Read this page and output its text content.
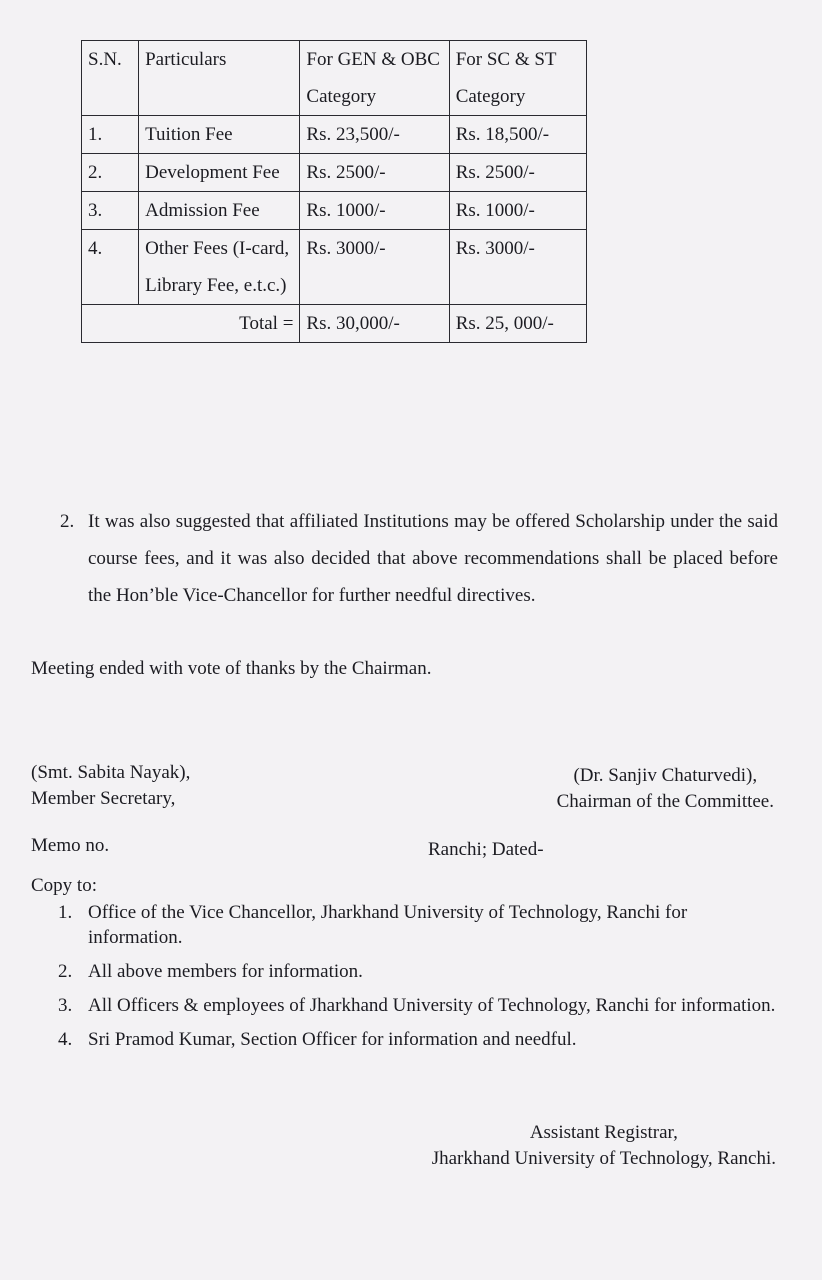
S.N.	Particulars	For GEN & OBC Category	For SC & ST Category
1.	Tuition Fee	Rs. 23,500/-	Rs. 18,500/-
2.	Development Fee	Rs. 2500/-	Rs. 2500/-
3.	Admission Fee	Rs. 1000/-	Rs. 1000/-
4.	Other Fees (I-card, Library Fee, e.t.c.)	Rs. 3000/-	Rs. 3000/-
Total =		Rs. 30,000/-	Rs. 25, 000/-
2. It was also suggested that affiliated Institutions may be offered Scholarship under the said course fees, and it was also decided that above recommendations shall be placed before the Hon’ble Vice-Chancellor for further needful directives.
Meeting ended with vote of thanks by the Chairman.
(Smt. Sabita Nayak),
Member Secretary,
(Dr. Sanjiv Chaturvedi),
Chairman of the Committee.
Memo no.	Ranchi; Dated-
Copy to:
1. Office of the Vice Chancellor, Jharkhand University of Technology, Ranchi for information.
2. All above members for information.
3. All Officers & employees of Jharkhand University of Technology, Ranchi for information.
4. Sri Pramod Kumar, Section Officer for information and needful.
Assistant Registrar,
Jharkhand University of Technology, Ranchi.
